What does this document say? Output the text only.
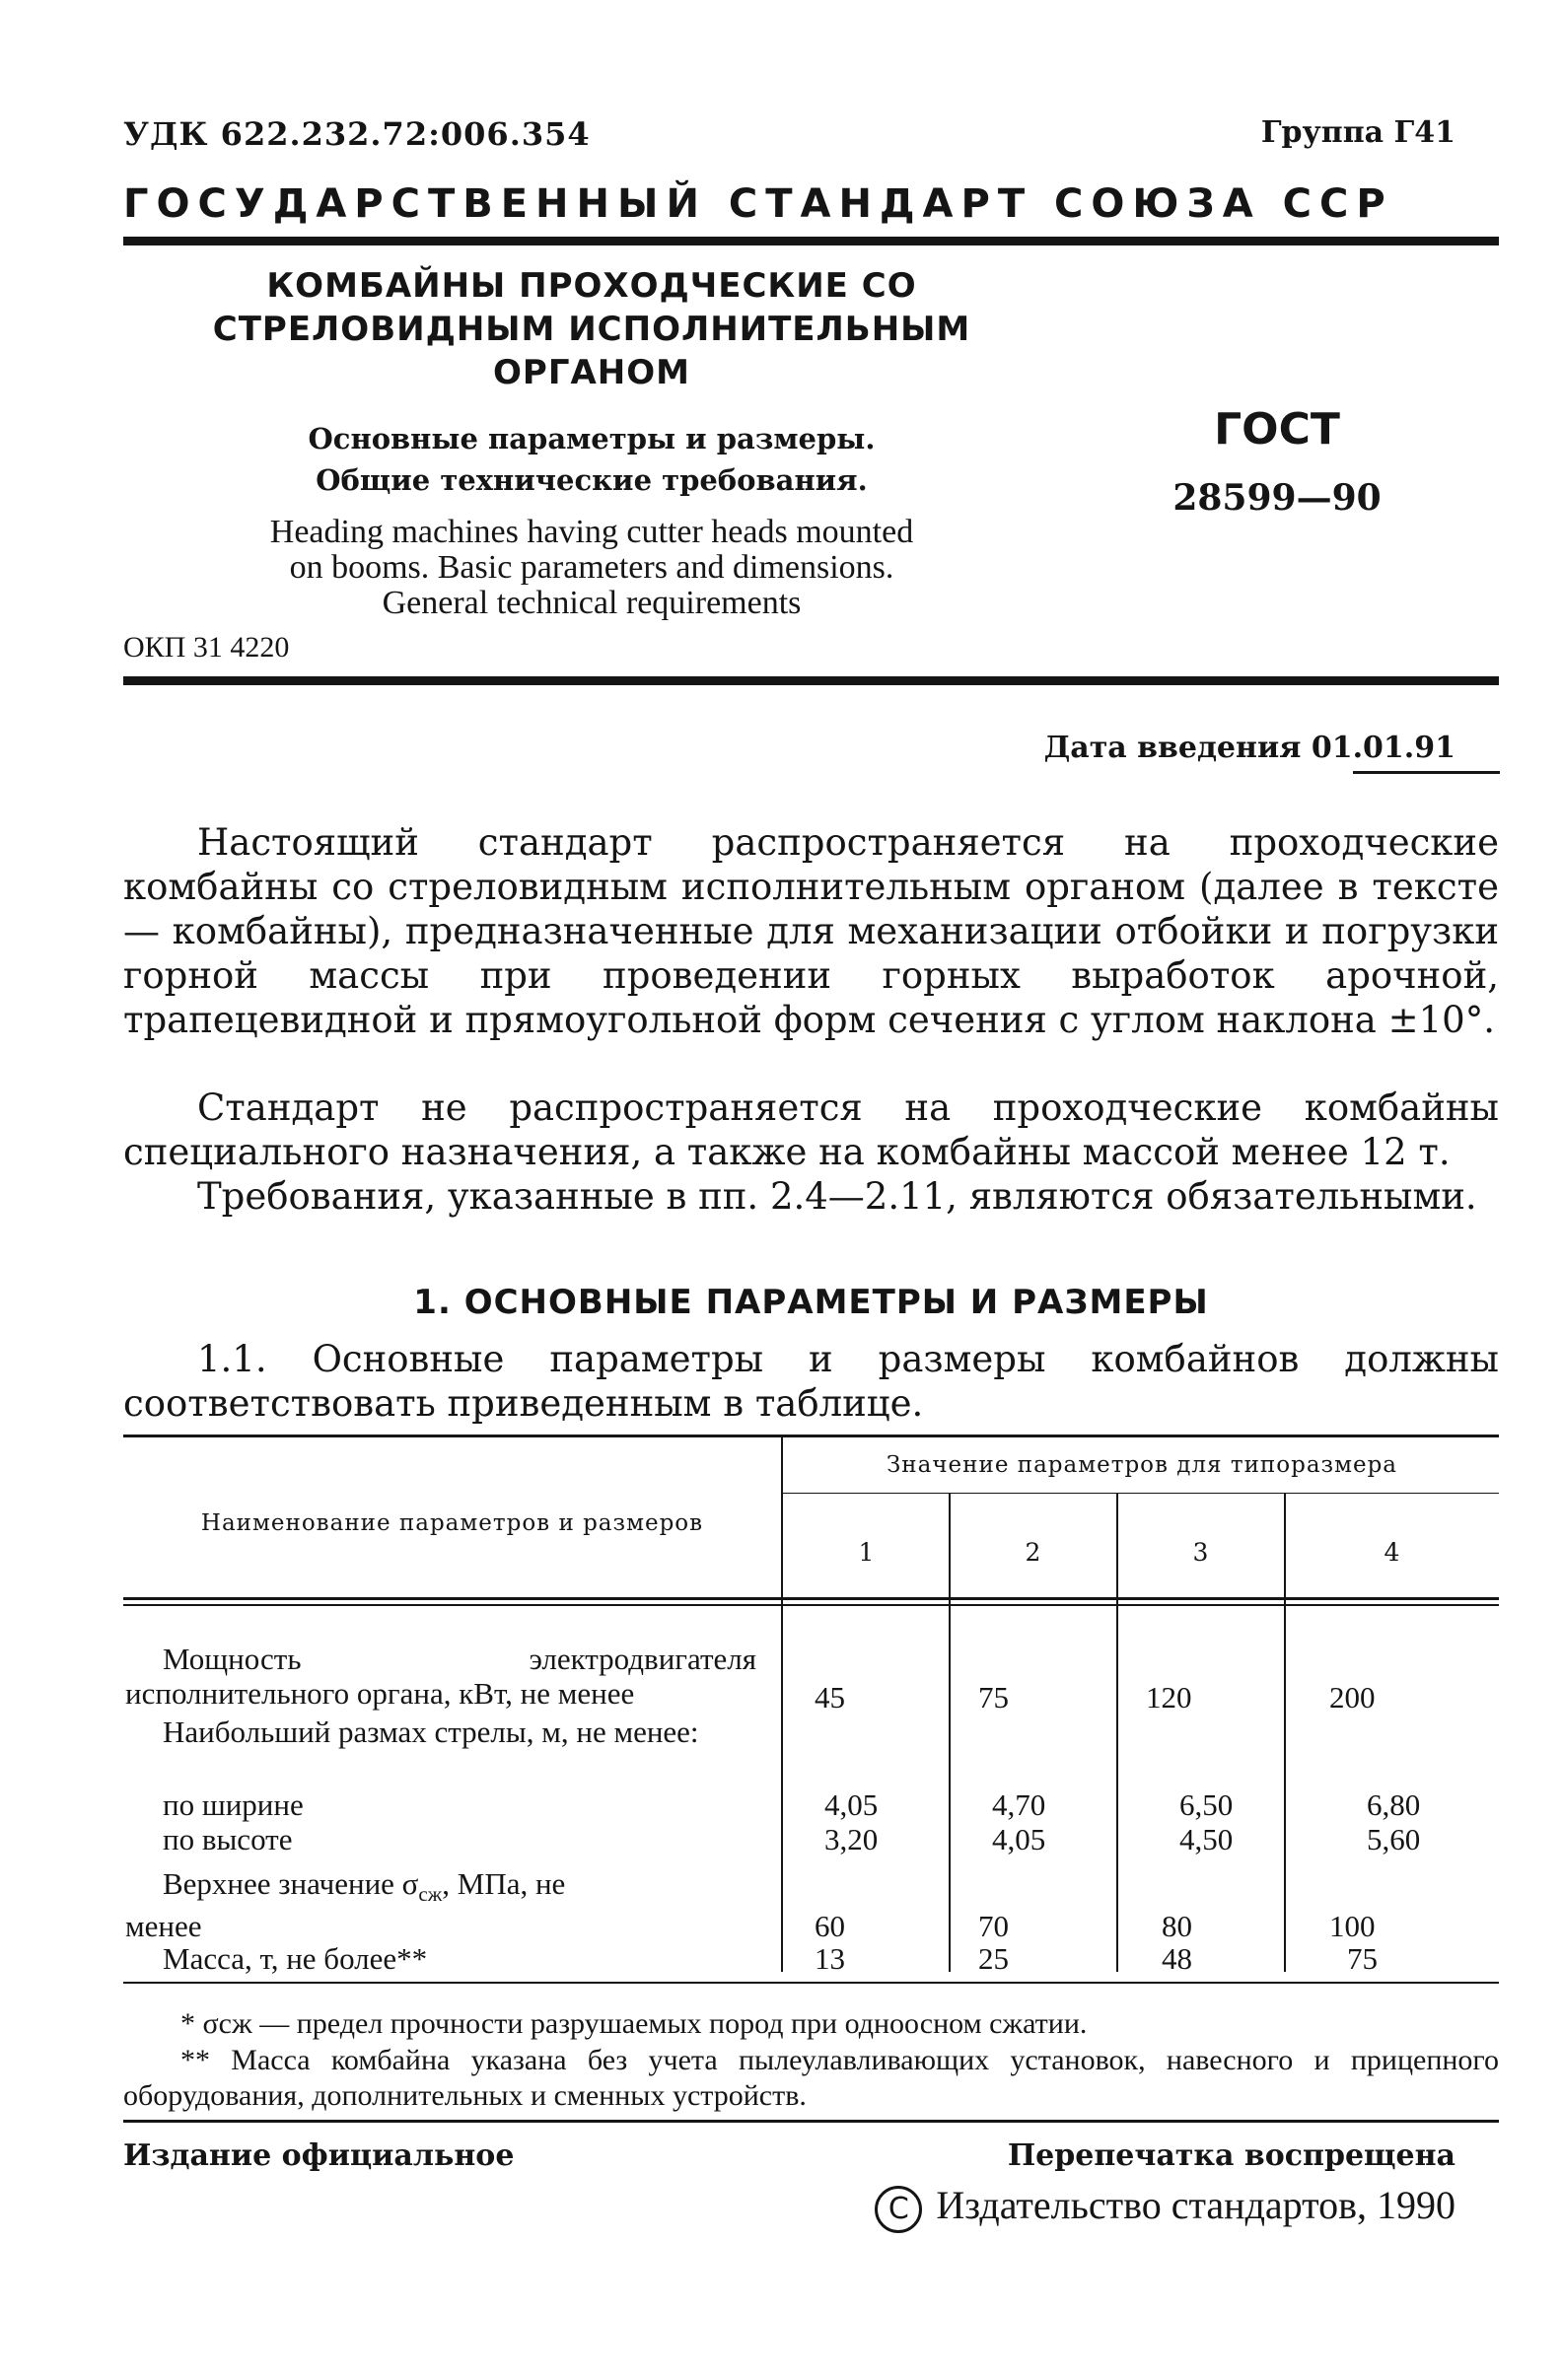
УДК 622.232.72:006.354	Группа Г41
ГОСУДАРСТВЕННЫЙ СТАНДАРТ СОЮЗА ССР
КОМБАЙНЫ ПРОХОДЧЕСКИЕ СО
СТРЕЛОВИДНЫМ ИСПОЛНИТЕЛЬНЫМ
ОРГАНОМ
Основные параметры и размеры.
Общие технические требования.
Heading machines having cutter heads mounted
on booms. Basic parameters and dimensions.
General technical requirements
ОКП 31 4220
ГОСТ
28599—90
Дата введения 01.01.91
Настоящий стандарт распространяется на проходческие комбайны со стреловидным исполнительным органом (далее в тексте — комбайны), предназначенные для механизации отбойки и погрузки горной массы при проведении горных выработок арочной, трапецевидной и прямоугольной форм сечения с углом наклона ±10°.
Стандарт не распространяется на проходческие комбайны специального назначения, а также на комбайны массой менее 12 т.
Требования, указанные в пп. 2.4—2.11, являются обязательными.
1. ОСНОВНЫЕ ПАРАМЕТРЫ И РАЗМЕРЫ
1.1. Основные параметры и размеры комбайнов должны соответствовать приведенным в таблице.
Наименование параметров и размеров
Значение параметров для типоразмера
1	2	3	4
Мощность электродвигателя исполнительного органа, кВт, не менее	45	75	120	200
Наибольший размах стрелы, м, не менее:
по ширине	4,05	4,70	6,50	6,80
по высоте	3,20	4,05	4,50	5,60
Верхнее значение $\sigma_{сж}$, МПа, не
менее	60	70	80	100
Масса, т, не более**	13	25	48	75
* σсж — предел прочности разрушаемых пород при одноосном сжатии.
** Масса комбайна указана без учета пылеулавливающих установок, навесного и прицепного оборудования, дополнительных и сменных устройств.
Издание официальное	Перепечатка воспрещена
C Издательство стандартов, 1990
